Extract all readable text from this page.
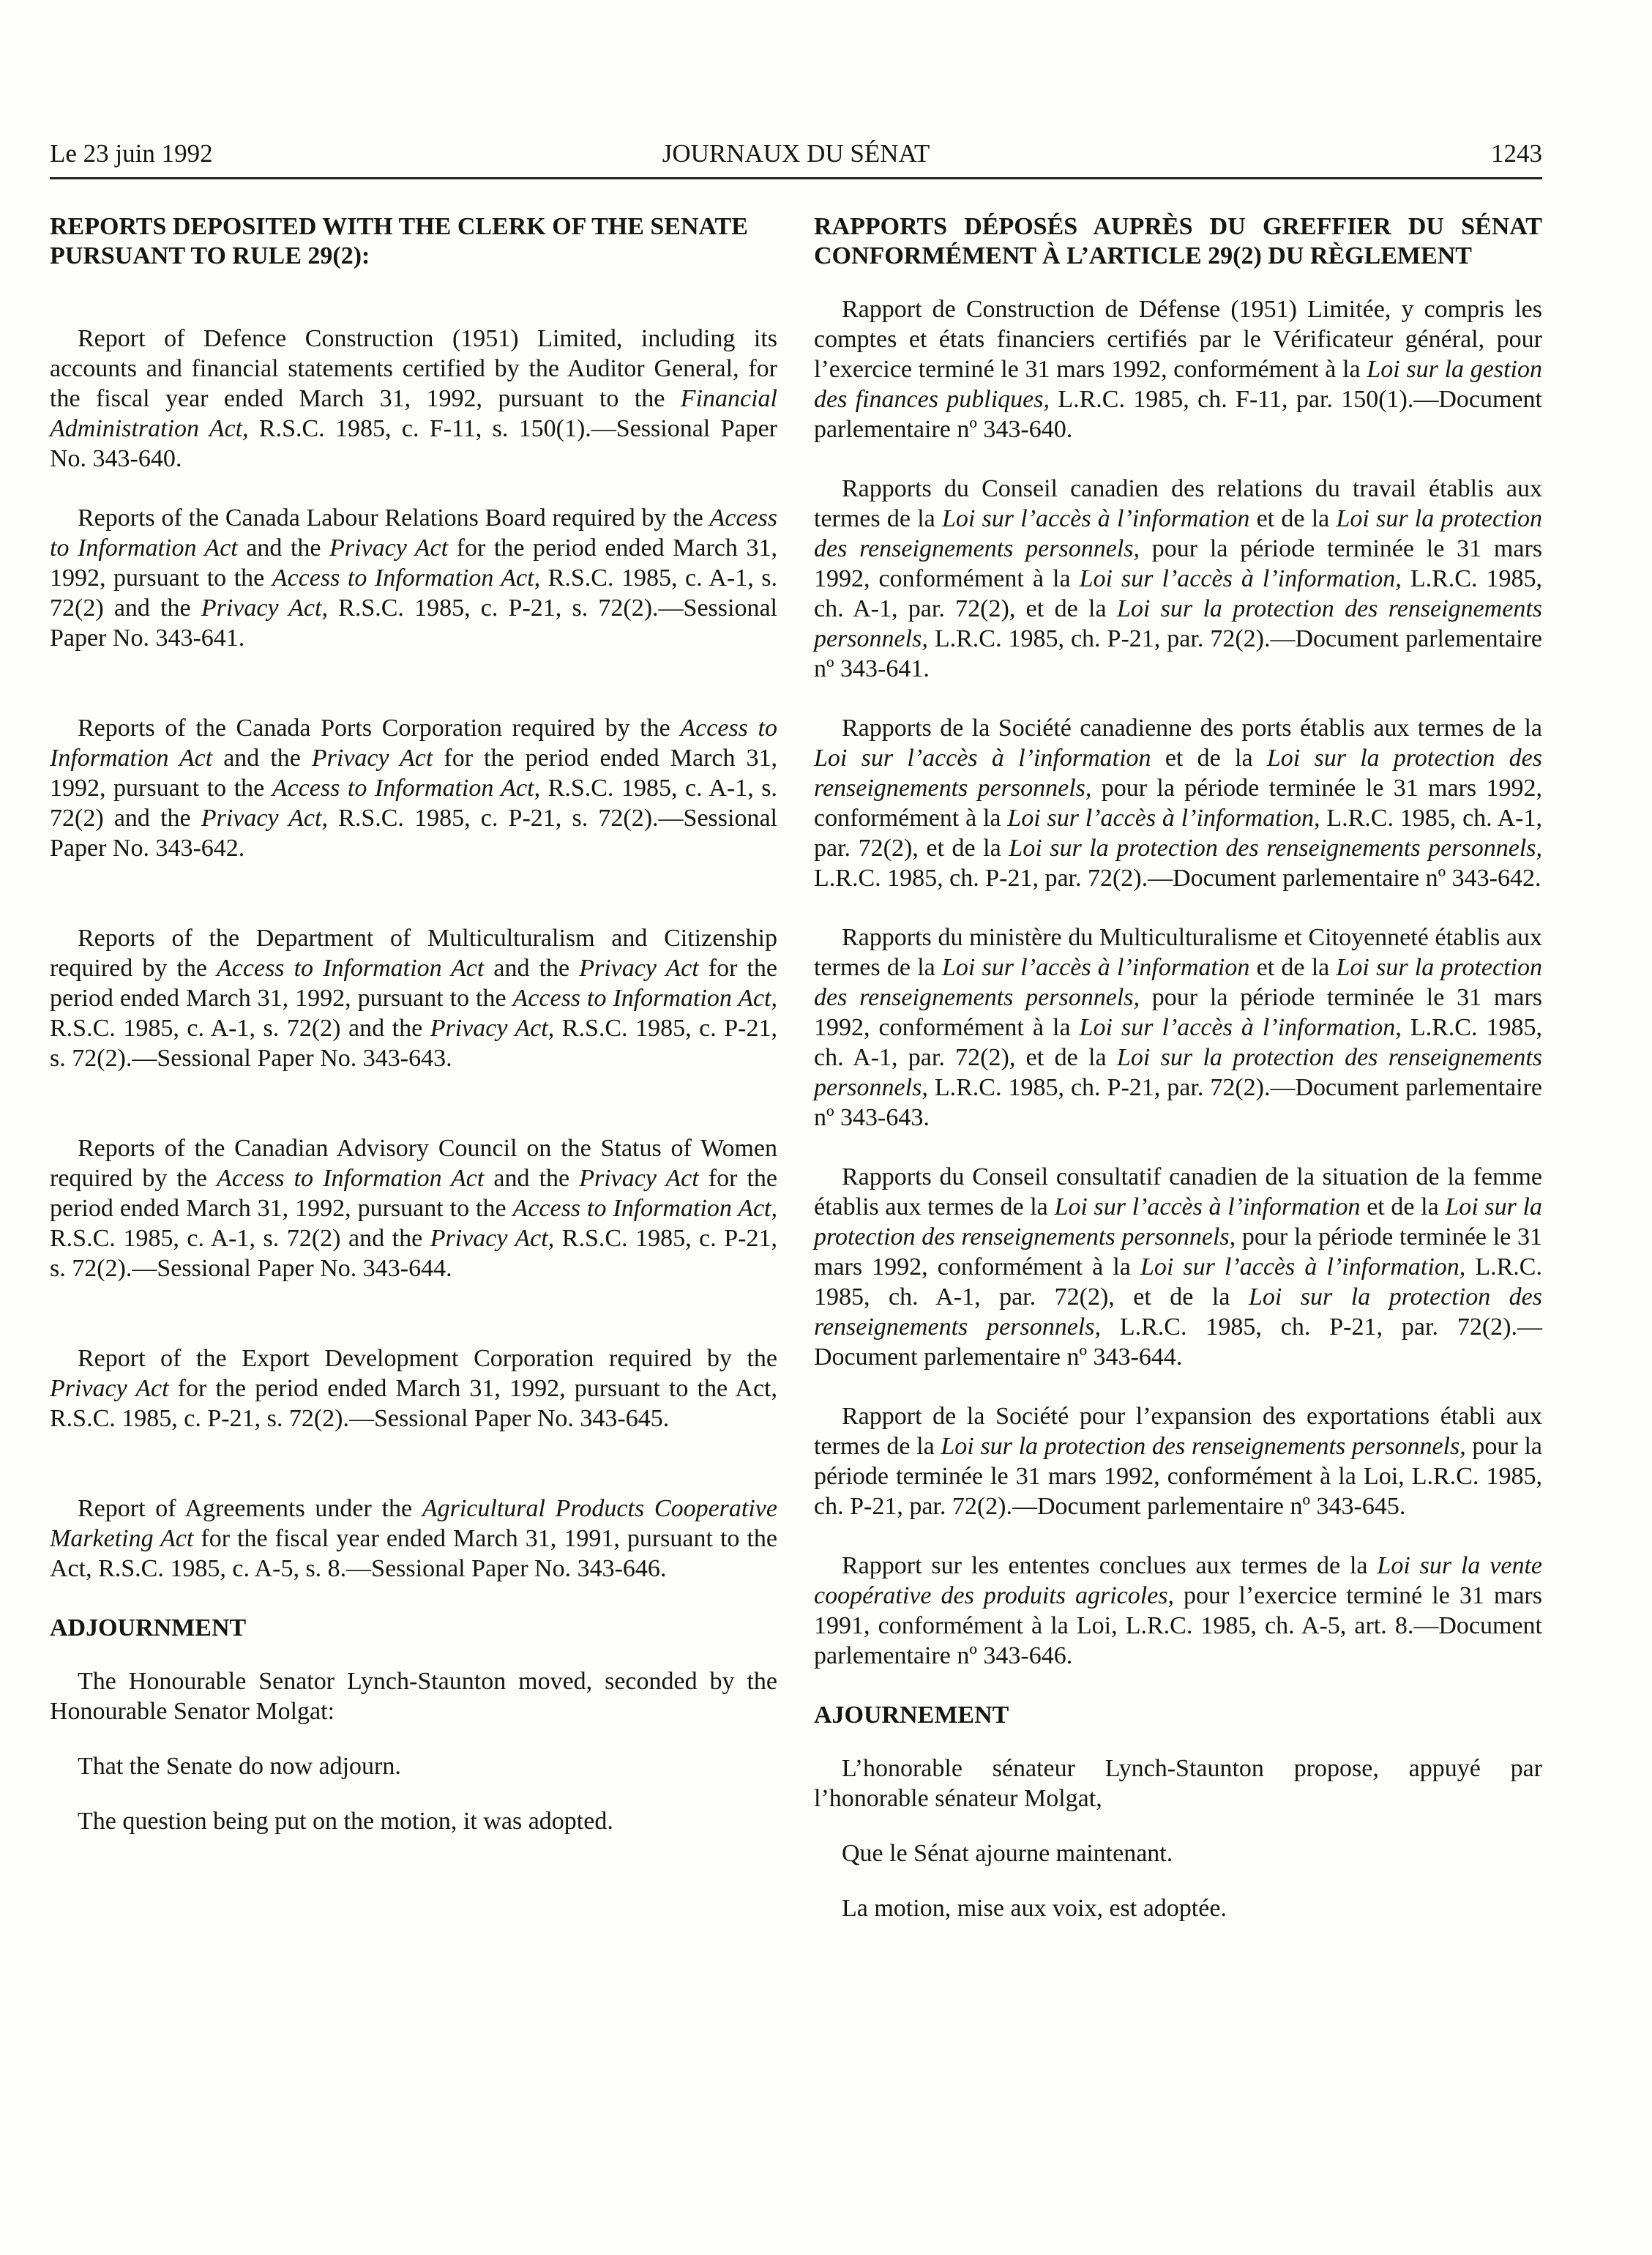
Le 23 juin 1992	JOURNAUX DU SÉNAT	1243
REPORTS DEPOSITED WITH THE CLERK OF THE SENATE PURSUANT TO RULE 29(2):

Report of Defence Construction (1951) Limited, including its accounts and financial statements certified by the Auditor General, for the fiscal year ended March 31, 1992, pursuant to the Financial Administration Act, R.S.C. 1985, c. F-11, s. 150(1).—Sessional Paper No. 343-640.

Reports of the Canada Labour Relations Board required by the Access to Information Act and the Privacy Act for the period ended March 31, 1992, pursuant to the Access to Information Act, R.S.C. 1985, c. A-1, s. 72(2) and the Privacy Act, R.S.C. 1985, c. P-21, s. 72(2).—Sessional Paper No. 343-641.

Reports of the Canada Ports Corporation required by the Access to Information Act and the Privacy Act for the period ended March 31, 1992, pursuant to the Access to Information Act, R.S.C. 1985, c. A-1, s. 72(2) and the Privacy Act, R.S.C. 1985, c. P-21, s. 72(2).—Sessional Paper No. 343-642.

Reports of the Department of Multiculturalism and Citizenship required by the Access to Information Act and the Privacy Act for the period ended March 31, 1992, pursuant to the Access to Information Act, R.S.C. 1985, c. A-1, s. 72(2) and the Privacy Act, R.S.C. 1985, c. P-21, s. 72(2).—Sessional Paper No. 343-643.

Reports of the Canadian Advisory Council on the Status of Women required by the Access to Information Act and the Privacy Act for the period ended March 31, 1992, pursuant to the Access to Information Act, R.S.C. 1985, c. A-1, s. 72(2) and the Privacy Act, R.S.C. 1985, c. P-21, s. 72(2).—Sessional Paper No. 343-644.

Report of the Export Development Corporation required by the Privacy Act for the period ended March 31, 1992, pursuant to the Act, R.S.C. 1985, c. P-21, s. 72(2).—Sessional Paper No. 343-645.

Report of Agreements under the Agricultural Products Cooperative Marketing Act for the fiscal year ended March 31, 1991, pursuant to the Act, R.S.C. 1985, c. A-5, s. 8.—Sessional Paper No. 343-646.

ADJOURNMENT

The Honourable Senator Lynch-Staunton moved, seconded by the Honourable Senator Molgat:

That the Senate do now adjourn.

The question being put on the motion, it was adopted.

RAPPORTS DÉPOSÉS AUPRÈS DU GREFFIER DU SÉNAT CONFORMÉMENT À L’ARTICLE 29(2) DU RÈGLEMENT

Rapport de Construction de Défense (1951) Limitée, y compris les comptes et états financiers certifiés par le Vérificateur général, pour l’exercice terminé le 31 mars 1992, conformément à la Loi sur la gestion des finances publiques, L.R.C. 1985, ch. F-11, par. 150(1).—Document parlementaire nº 343-640.

Rapports du Conseil canadien des relations du travail établis aux termes de la Loi sur l’accès à l’information et de la Loi sur la protection des renseignements personnels, pour la période terminée le 31 mars 1992, conformément à la Loi sur l’accès à l’information, L.R.C. 1985, ch. A-1, par. 72(2), et de la Loi sur la protection des renseignements personnels, L.R.C. 1985, ch. P-21, par. 72(2).—Document parlementaire nº 343-641.

Rapports de la Société canadienne des ports établis aux termes de la Loi sur l’accès à l’information et de la Loi sur la protection des renseignements personnels, pour la période terminée le 31 mars 1992, conformément à la Loi sur l’accès à l’information, L.R.C. 1985, ch. A-1, par. 72(2), et de la Loi sur la protection des renseignements personnels, L.R.C. 1985, ch. P-21, par. 72(2).—Document parlementaire nº 343-642.

Rapports du ministère du Multiculturalisme et Citoyenneté établis aux termes de la Loi sur l’accès à l’information et de la Loi sur la protection des renseignements personnels, pour la période terminée le 31 mars 1992, conformément à la Loi sur l’accès à l’information, L.R.C. 1985, ch. A-1, par. 72(2), et de la Loi sur la protection des renseignements personnels, L.R.C. 1985, ch. P-21, par. 72(2).—Document parlementaire nº 343-643.

Rapports du Conseil consultatif canadien de la situation de la femme établis aux termes de la Loi sur l’accès à l’information et de la Loi sur la protection des renseignements personnels, pour la période terminée le 31 mars 1992, conformément à la Loi sur l’accès à l’information, L.R.C. 1985, ch. A-1, par. 72(2), et de la Loi sur la protection des renseignements personnels, L.R.C. 1985, ch. P-21, par. 72(2).—Document parlementaire nº 343-644.

Rapport de la Société pour l’expansion des exportations établi aux termes de la Loi sur la protection des renseignements personnels, pour la période terminée le 31 mars 1992, conformément à la Loi, L.R.C. 1985, ch. P-21, par. 72(2).—Document parlementaire nº 343-645.

Rapport sur les ententes conclues aux termes de la Loi sur la vente coopérative des produits agricoles, pour l’exercice terminé le 31 mars 1991, conformément à la Loi, L.R.C. 1985, ch. A-5, art. 8.—Document parlementaire nº 343-646.

AJOURNEMENT

L’honorable sénateur Lynch-Staunton propose, appuyé par l’honorable sénateur Molgat,

Que le Sénat ajourne maintenant.

La motion, mise aux voix, est adoptée.
